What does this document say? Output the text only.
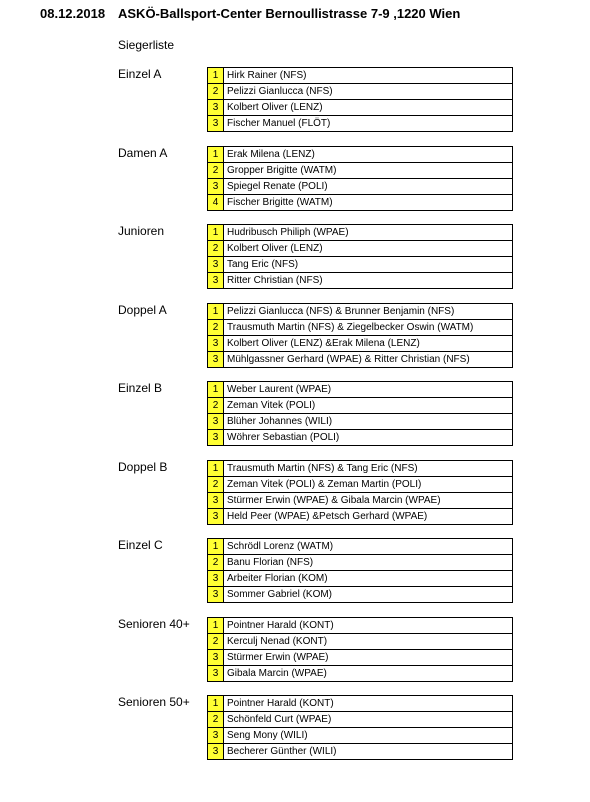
08.12.2018 ASKÖ-Ballsport-Center Bernoullistrasse 7-9 ,1220 Wien
Siegerliste
Einzel A	1	Hirk Rainer (NFS)
2	Pelizzi Gianlucca (NFS)
3	Kolbert Oliver (LENZ)
3	Fischer Manuel (FLÖT)
Damen A	1	Erak Milena (LENZ)
2	Gropper Brigitte (WATM)
3	Spiegel Renate (POLI)
4	Fischer Brigitte (WATM)
Junioren	1	Hudribusch Philiph (WPAE)
2	Kolbert Oliver (LENZ)
3	Tang Eric (NFS)
3	Ritter Christian (NFS)
Doppel A	1	Pelizzi Gianlucca (NFS) & Brunner Benjamin (NFS)
2	Trausmuth Martin (NFS) & Ziegelbecker Oswin (WATM)
3	Kolbert Oliver (LENZ) &Erak Milena (LENZ)
3	Mühlgassner Gerhard (WPAE) & Ritter Christian (NFS)
Einzel B	1	Weber Laurent (WPAE)
2	Zeman Vitek (POLI)
3	Blüher Johannes (WILI)
3	Wöhrer Sebastian (POLI)
Doppel B	1	Trausmuth Martin (NFS) & Tang Eric (NFS)
2	Zeman Vitek (POLI) & Zeman Martin (POLI)
3	Stürmer Erwin (WPAE) & Gibala Marcin (WPAE)
3	Held Peer (WPAE) &Petsch Gerhard (WPAE)
Einzel C	1	Schrödl Lorenz (WATM)
2	Banu Florian (NFS)
3	Arbeiter Florian (KOM)
3	Sommer Gabriel (KOM)
Senioren 40+ 1	Pointner Harald (KONT)
2	Kerculj Nenad (KONT)
3	Stürmer Erwin (WPAE)
3	Gibala Marcin (WPAE)
Senioren 50+ 1	Pointner Harald (KONT)
2	Schönfeld Curt (WPAE)
3	Seng Mony (WILI)
3	Becherer Günther (WILI)
